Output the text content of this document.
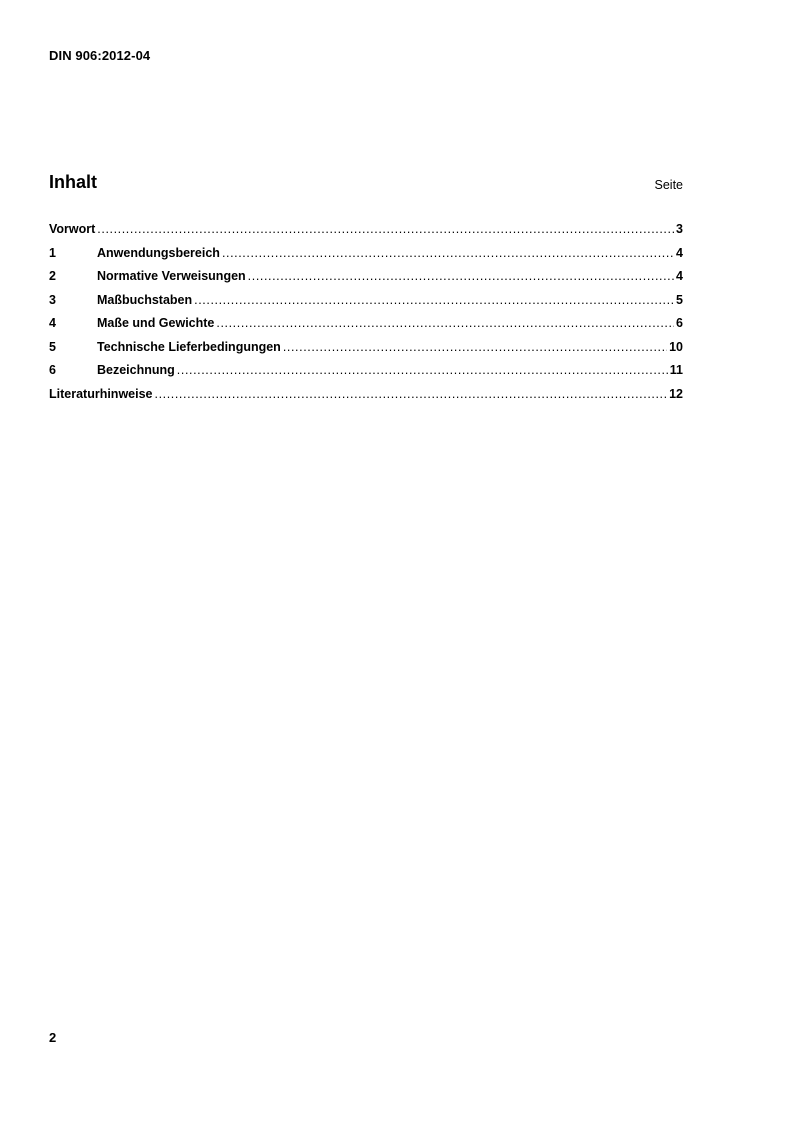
DIN 906:2012-04
Inhalt	Seite
Vorwort .....	3
1	Anwendungsbereich .....	4
2	Normative Verweisungen .....	4
3	Maßbuchstaben .....	5
4	Maße und Gewichte .....	6
5	Technische Lieferbedingungen .....	10
6	Bezeichnung .....	11
Literaturhinweise .....	12
2
